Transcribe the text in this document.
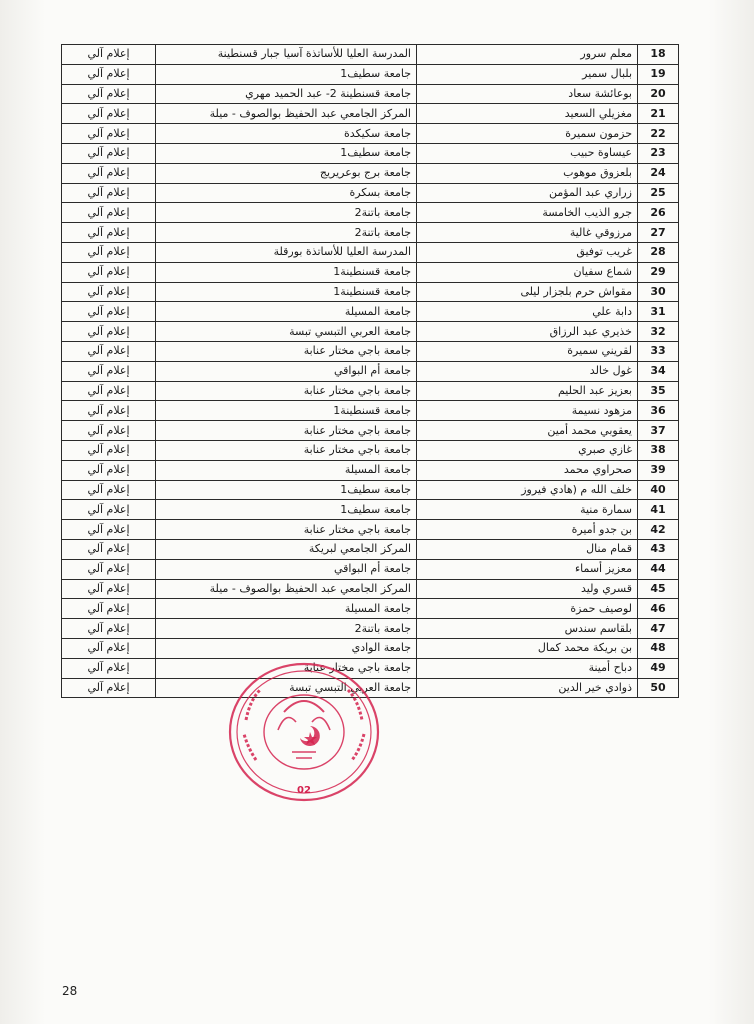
18	معلم سرور	المدرسة العليا للأساتذة آسيا جبار قسنطينة	إعلام آلي
19	بلبال سمير	جامعة سطيف1	إعلام آلي
20	بوعائشة سعاد	جامعة قسنطينة 2- عبد الحميد مهري	إعلام آلي
21	مغزيلي السعيد	المركز الجامعي عبد الحفيظ بوالصوف - ميلة	إعلام آلي
22	حزمون سميرة	جامعة سكيكدة	إعلام آلي
23	عيساوة حبيب	جامعة سطيف1	إعلام آلي
24	بلعزوق موهوب	جامعة برج بوعريريج	إعلام آلي
25	زراري عبد المؤمن	جامعة بسكرة	إعلام آلي
26	جرو الذيب الخامسة	جامعة باتنة2	إعلام آلي
27	مرزوقي غالية	جامعة باتنة2	إعلام آلي
28	غريب توفيق	المدرسة العليا للأساتذة بورقلة	إعلام آلي
29	شماع سفيان	جامعة قسنطينة1	إعلام آلي
30	مقواش حرم بلجزار ليلى	جامعة قسنطينة1	إعلام آلي
31	دابة علي	جامعة المسيلة	إعلام آلي
32	خذيري عبد الرزاق	جامعة العربي التبسي تبسة	إعلام آلي
33	لقريني سميرة	جامعة باجي مختار عنابة	إعلام آلي
34	غول خالد	جامعة أم البواقي	إعلام آلي
35	بعزيز عبد الحليم	جامعة باجي مختار عنابة	إعلام آلي
36	مزهود نسيمة	جامعة قسنطينة1	إعلام آلي
37	يعقوبي محمد أمين	جامعة باجي مختار عنابة	إعلام آلي
38	غازي صبري	جامعة باجي مختار عنابة	إعلام آلي
39	صحراوي محمد	جامعة المسيلة	إعلام آلي
40	خلف الله م (هادي فيروز	جامعة سطيف1	إعلام آلي
41	سمارة منية	جامعة سطيف1	إعلام آلي
42	بن جدو أميرة	جامعة باجي مختار عنابة	إعلام آلي
43	قمام منال	المركز الجامعي لبريكة	إعلام آلي
44	معزيز أسماء	جامعة أم البواقي	إعلام آلي
45	قسري وليد	المركز الجامعي عبد الحفيظ بوالصوف - ميلة	إعلام آلي
46	لوصيف حمزة	جامعة المسيلة	إعلام آلي
47	بلقاسم سندس	جامعة باتنة2	إعلام آلي
48	بن بريكة محمد كمال	جامعة الوادي	إعلام آلي
49	دباح أمينة	جامعة باجي مختار عنابة	إعلام آلي
50	ذوادي خير الدين	جامعة العربي التبسي تبسة	إعلام آلي
02
28
